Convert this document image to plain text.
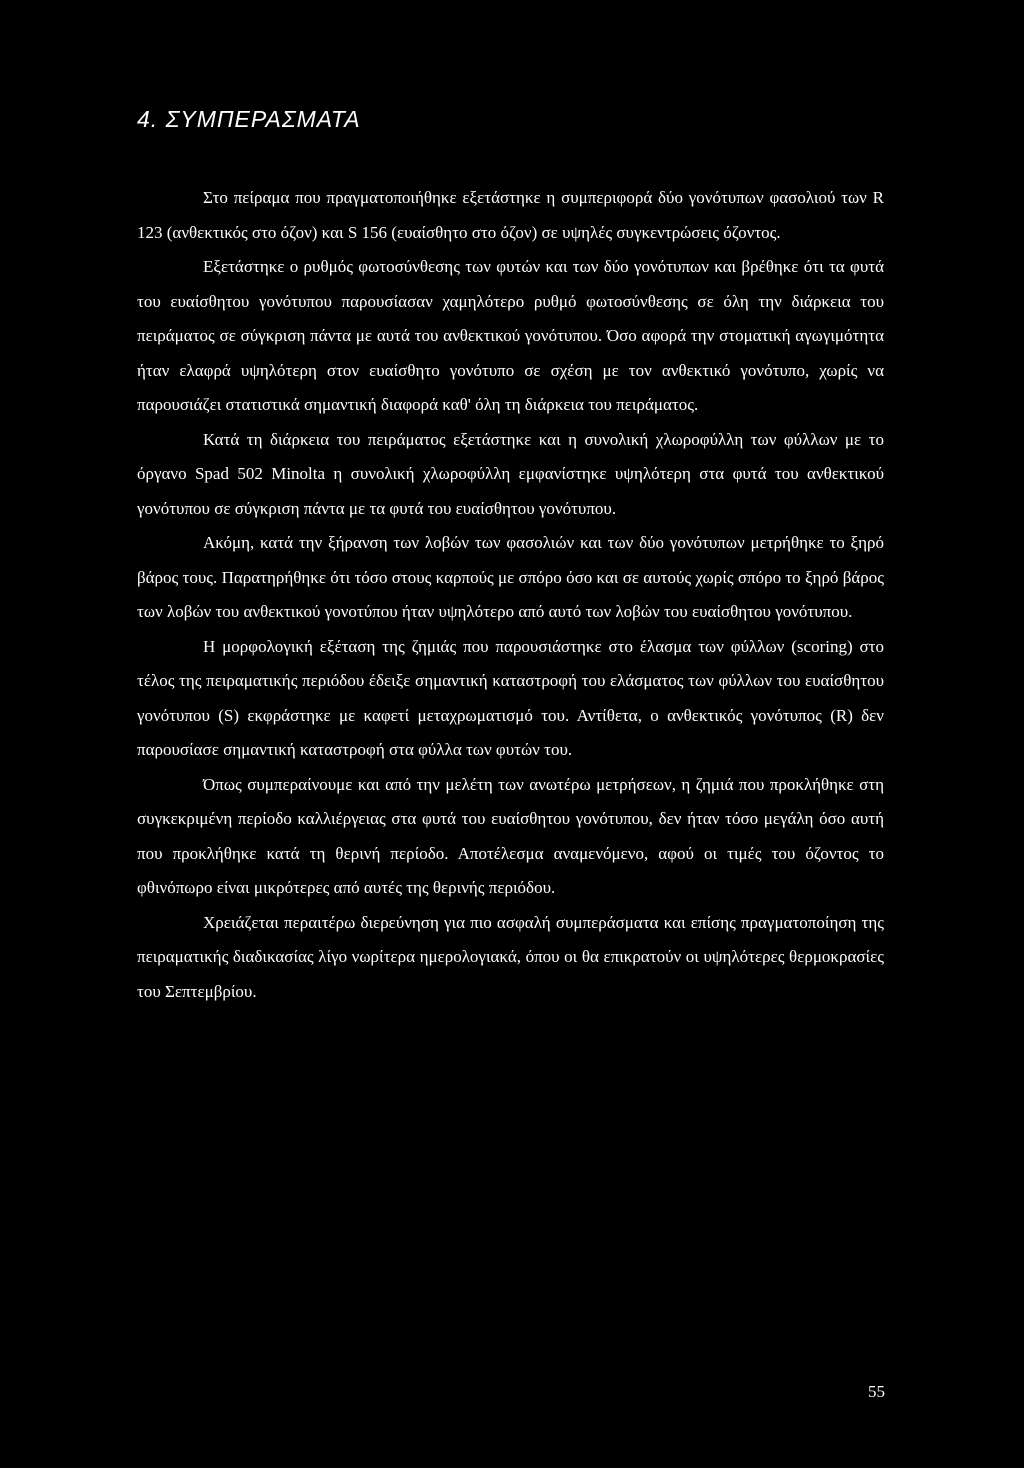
4. ΣΥΜΠΕΡΑΣΜΑΤΑ

Στο πείραμα που πραγματοποιήθηκε εξετάστηκε η συμπεριφορά δύο γονότυπων φασολιού των R 123 (ανθεκτικός στο όζον) και S 156 (ευαίσθητο στο όζον) σε υψηλές συγκεντρώσεις όζοντος.

Εξετάστηκε ο ρυθμός φωτοσύνθεσης των φυτών και των δύο γονότυπων και βρέθηκε ότι τα φυτά του ευαίσθητου γονότυπου παρουσίασαν χαμηλότερο ρυθμό φωτοσύνθεσης σε όλη την διάρκεια του πειράματος σε σύγκριση πάντα με αυτά του ανθεκτικού γονότυπου. Όσο αφορά την στοματική αγωγιμότητα ήταν ελαφρά υψηλότερη στον ευαίσθητο γονότυπο σε σχέση με τον ανθεκτικό γονότυπο, χωρίς να παρουσιάζει στατιστικά σημαντική διαφορά καθ' όλη τη διάρκεια του πειράματος.

Κατά τη διάρκεια του πειράματος εξετάστηκε και η συνολική χλωροφύλλη των φύλλων με το όργανο Spad 502 Minolta η συνολική χλωροφύλλη εμφανίστηκε υψηλότερη στα φυτά του ανθεκτικού γονότυπου σε σύγκριση πάντα με τα φυτά του ευαίσθητου γονότυπου.

Ακόμη, κατά την ξήρανση των λοβών των φασολιών και των δύο γονότυπων μετρήθηκε το ξηρό βάρος τους. Παρατηρήθηκε ότι τόσο στους καρπούς με σπόρο όσο και σε αυτούς χωρίς σπόρο το ξηρό βάρος των λοβών του ανθεκτικού γονοτύπου ήταν υψηλότερο από αυτό των λοβών του ευαίσθητου γονότυπου.

Η μορφολογική εξέταση της ζημιάς που παρουσιάστηκε στο έλασμα των φύλλων (scoring) στο τέλος της πειραματικής περιόδου έδειξε σημαντική καταστροφή του ελάσματος των φύλλων του ευαίσθητου γονότυπου (S) εκφράστηκε με καφετί μεταχρωματισμό του. Αντίθετα, ο ανθεκτικός γονότυπος (R) δεν παρουσίασε σημαντική καταστροφή στα φύλλα των φυτών του.

Όπως συμπεραίνουμε και από την μελέτη των ανωτέρω μετρήσεων, η ζημιά που προκλήθηκε στη συγκεκριμένη περίοδο καλλιέργειας στα φυτά του ευαίσθητου γονότυπου, δεν ήταν τόσο μεγάλη όσο αυτή που προκλήθηκε κατά τη θερινή περίοδο. Αποτέλεσμα αναμενόμενο, αφού οι τιμές του όζοντος το φθινόπωρο είναι μικρότερες από αυτές της θερινής περιόδου.

Χρειάζεται περαιτέρω διερεύνηση για πιο ασφαλή συμπεράσματα και επίσης πραγματοποίηση της πειραματικής διαδικασίας λίγο νωρίτερα ημερολογιακά, όπου οι θα επικρατούν οι υψηλότερες θερμοκρασίες του Σεπτεμβρίου.

55
